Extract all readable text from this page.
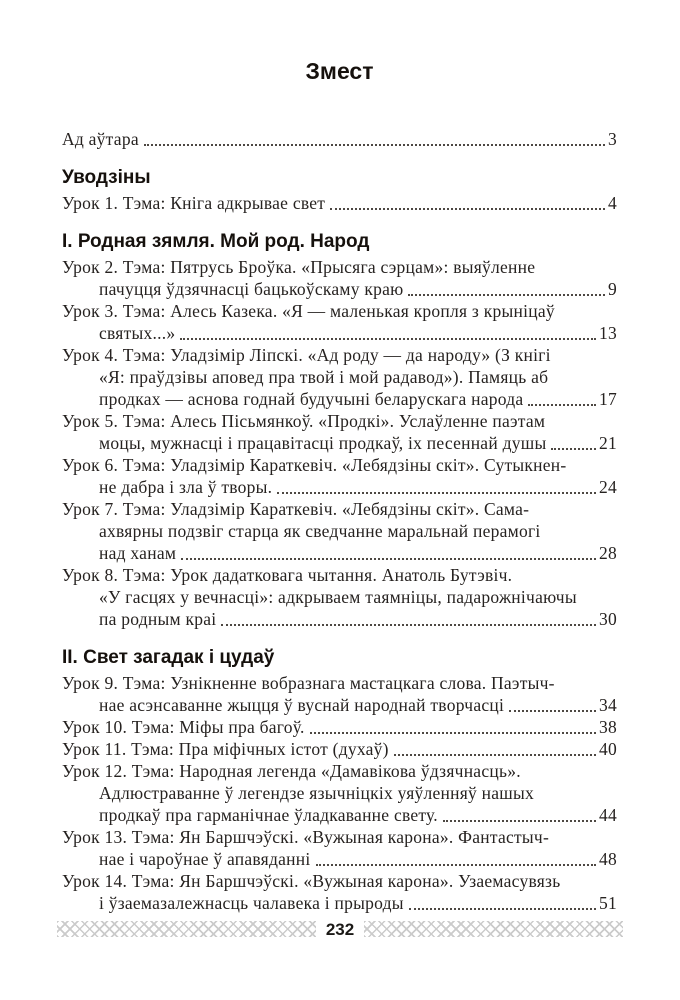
Змест
Ад аўтара	3
Уводзіны
Урок 1. Тэма: Кніга адкрывае свет	4
I. Родная зямля. Мой род. Народ
Урок 2. Тэма: Пятрусь Броўка. «Прысяга сэрцам»: выяўленне
пачуцця ўдзячнасці бацькоўскаму краю	9
Урок 3. Тэма: Алесь Казека. «Я — маленькая кропля з крыніцаў
святых...»	13
Урок 4. Тэма: Уладзімір Ліпскі. «Ад роду — да народу» (З кнігі
«Я: праўдзівы аповед пра твой і мой радавод»). Памяць аб
продках — аснова годнай будучыні беларускага народа	17
Урок 5. Тэма: Алесь Пісьмянкоў. «Продкі». Услаўленне паэтам
моцы, мужнасці і працавітасці продкаў, іх песеннай душы	21
Урок 6. Тэма: Уладзімір Караткевіч. «Лебядзіны скіт». Сутыкнен-
не дабра і зла ў творы.	24
Урок 7. Тэма: Уладзімір Караткевіч. «Лебядзіны скіт». Сама-
ахвярны подзвіг старца як сведчанне маральнай перамогі
над ханам	28
Урок 8. Тэма: Урок дадатковага чытання. Анатоль Бутэвіч.
«У гасцях у вечнасці»: адкрываем таямніцы, падарожнічаючы
па родным краі	30
II. Свет загадак і цудаў
Урок 9. Тэма: Узнікненне вобразнага мастацкага слова. Паэтыч-
нае асэнсаванне жыцця ў вуснай народнай творчасці	34
Урок 10. Тэма: Міфы пра багоў.	38
Урок 11. Тэма: Пра міфічных істот (духаў)	40
Урок 12. Тэма: Народная легенда «Дамавікова ўдзячнасць».
Адлюстраванне ў легендзе язычніцкіх уяўленняў нашых
продкаў пра гарманічнае ўладкаванне свету.	44
Урок 13. Тэма: Ян Баршчэўскі. «Вужыная карона». Фантастыч-
нае і чароўнае ў апавяданні	48
Урок 14. Тэма: Ян Баршчэўскі. «Вужыная карона». Узаемасувязь
і ўзаемазалежнасць чалавека і прыроды	51
232
